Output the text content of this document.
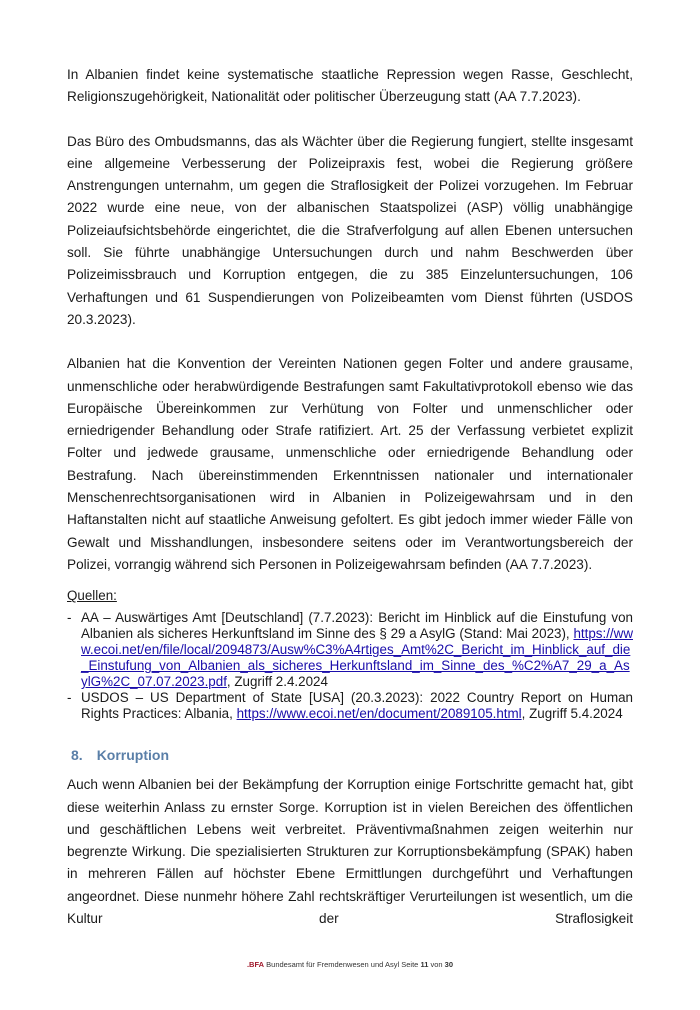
In Albanien findet keine systematische staatliche Repression wegen Rasse, Geschlecht, Religionszugehörigkeit, Nationalität oder politischer Überzeugung statt (AA 7.7.2023).

Das Büro des Ombudsmanns, das als Wächter über die Regierung fungiert, stellte insgesamt eine allgemeine Verbesserung der Polizeipraxis fest, wobei die Regierung größere Anstrengungen unternahm, um gegen die Straflosigkeit der Polizei vorzugehen. Im Februar 2022 wurde eine neue, von der albanischen Staatspolizei (ASP) völlig unabhängige Polizeiaufsichtsbehörde eingerichtet, die die Strafverfolgung auf allen Ebenen untersuchen soll. Sie führte unabhängige Untersuchungen durch und nahm Beschwerden über Polizeimissbrauch und Korruption entgegen, die zu 385 Einzeluntersuchungen, 106 Verhaftungen und 61 Suspendierungen von Polizeibeamten vom Dienst führten (USDOS 20.3.2023).

Albanien hat die Konvention der Vereinten Nationen gegen Folter und andere grausame, unmenschliche oder herabwürdigende Bestrafungen samt Fakultativprotokoll ebenso wie das Europäische Übereinkommen zur Verhütung von Folter und unmenschlicher oder erniedrigender Behandlung oder Strafe ratifiziert. Art. 25 der Verfassung verbietet explizit Folter und jedwede grausame, unmenschliche oder erniedrigende Behandlung oder Bestrafung. Nach übereinstimmenden Erkenntnissen nationaler und internationaler Menschenrechtsorganisationen wird in Albanien in Polizeigewahrsam und in den Haftanstalten nicht auf staatliche Anweisung gefoltert. Es gibt jedoch immer wieder Fälle von Gewalt und Misshandlungen, insbesondere seitens oder im Verantwortungsbereich der Polizei, vorrangig während sich Personen in Polizeigewahrsam befinden (AA 7.7.2023).

Quellen:
- AA – Auswärtiges Amt [Deutschland] (7.7.2023): Bericht im Hinblick auf die Einstufung von Albanien als sicheres Herkunftsland im Sinne des § 29 a AsylG (Stand: Mai 2023), https://www.ecoi.net/en/file/local/2094873/Ausw%C3%A4rtiges_Amt%2C_Bericht_im_Hinblick_auf_die_Einstufung_von_Albanien_als_sicheres_Herkunftsland_im_Sinne_des_%C2%A7_29_a_AsylG%2C_07.07.2023.pdf, Zugriff 2.4.2024
- USDOS – US Department of State [USA] (20.3.2023): 2022 Country Report on Human Rights Practices: Albania, https://www.ecoi.net/en/document/2089105.html, Zugriff 5.4.2024
8. Korruption

Auch wenn Albanien bei der Bekämpfung der Korruption einige Fortschritte gemacht hat, gibt diese weiterhin Anlass zu ernster Sorge. Korruption ist in vielen Bereichen des öffentlichen und geschäftlichen Lebens weit verbreitet. Präventivmaßnahmen zeigen weiterhin nur begrenzte Wirkung. Die spezialisierten Strukturen zur Korruptionsbekämpfung (SPAK) haben in mehreren Fällen auf höchster Ebene Ermittlungen durchgeführt und Verhaftungen angeordnet. Diese nunmehr höhere Zahl rechtskräftiger Verurteilungen ist wesentlich, um die Kultur der Straflosigkeit

.BFA Bundesamt für Fremdenwesen und Asyl Seite 11 von 30
